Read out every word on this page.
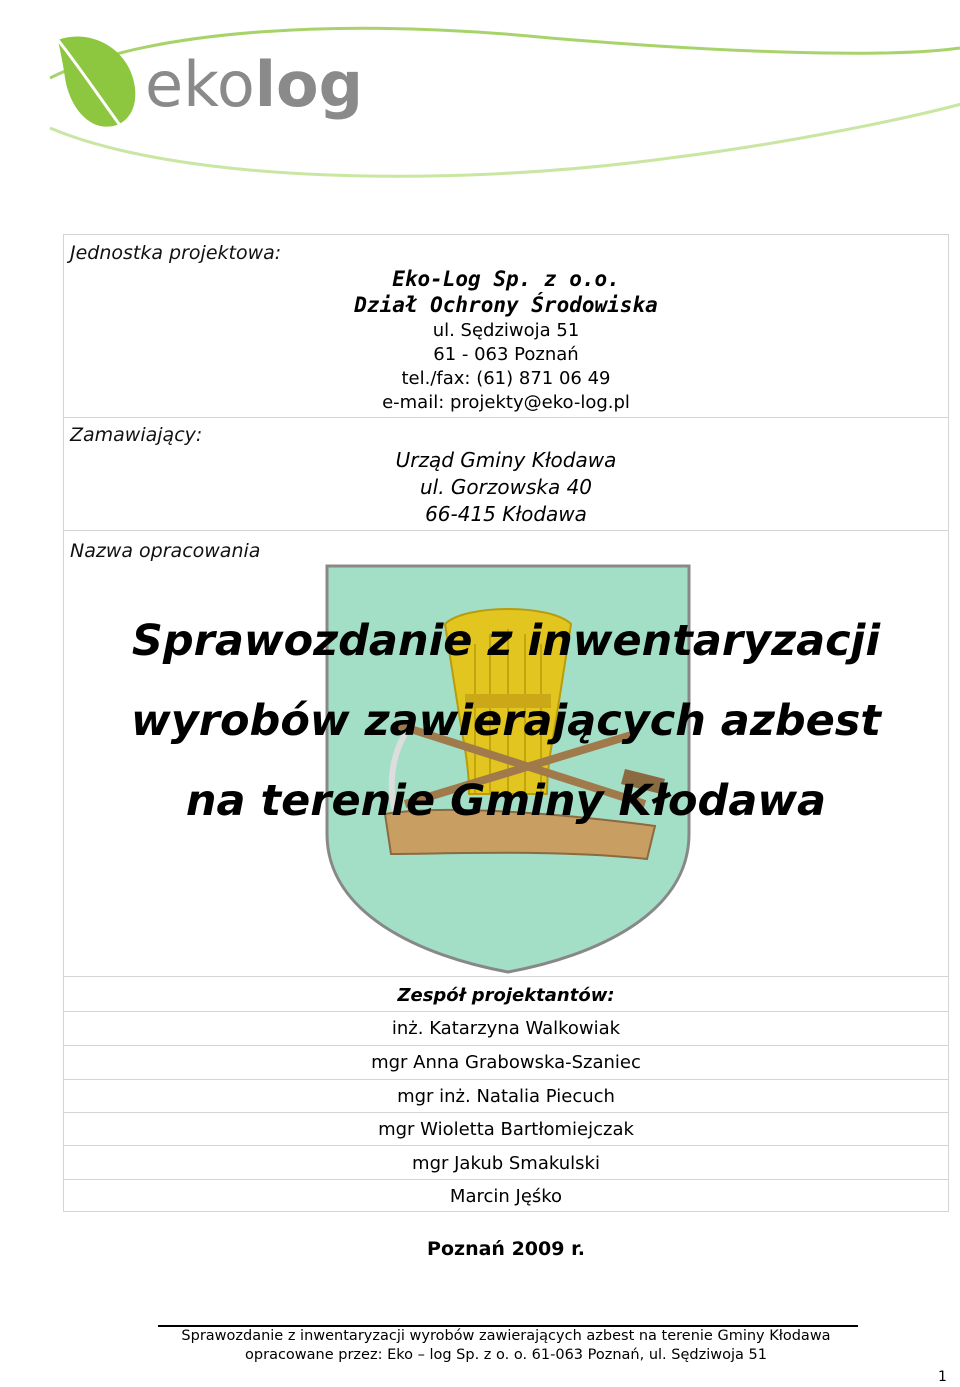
ekolog
Jednostka projektowa:
Zamawiający:
Nazwa opracowania
Eko-Log Sp. z o.o.
Dział Ochrony Środowiska
ul. Sędziwoja 51
61 - 063 Poznań
tel./fax: (61) 871 06 49
e-mail: projekty@eko-log.pl
Urząd Gminy Kłodawa
ul. Gorzowska 40
66-415 Kłodawa
Sprawozdanie z inwentaryzacji
wyrobów zawierających azbest
na terenie Gminy Kłodawa
Zespół projektantów:
inż. Katarzyna Walkowiak
mgr Anna Grabowska-Szaniec
mgr inż. Natalia Piecuch
mgr Wioletta Bartłomiejczak
mgr Jakub Smakulski
Marcin Jęśko
Poznań 2009 r.
Sprawozdanie z inwentaryzacji wyrobów zawierających azbest na terenie Gminy Kłodawa
opracowane przez: Eko – log Sp. z o. o. 61-063 Poznań, ul. Sędziwoja 51
1
